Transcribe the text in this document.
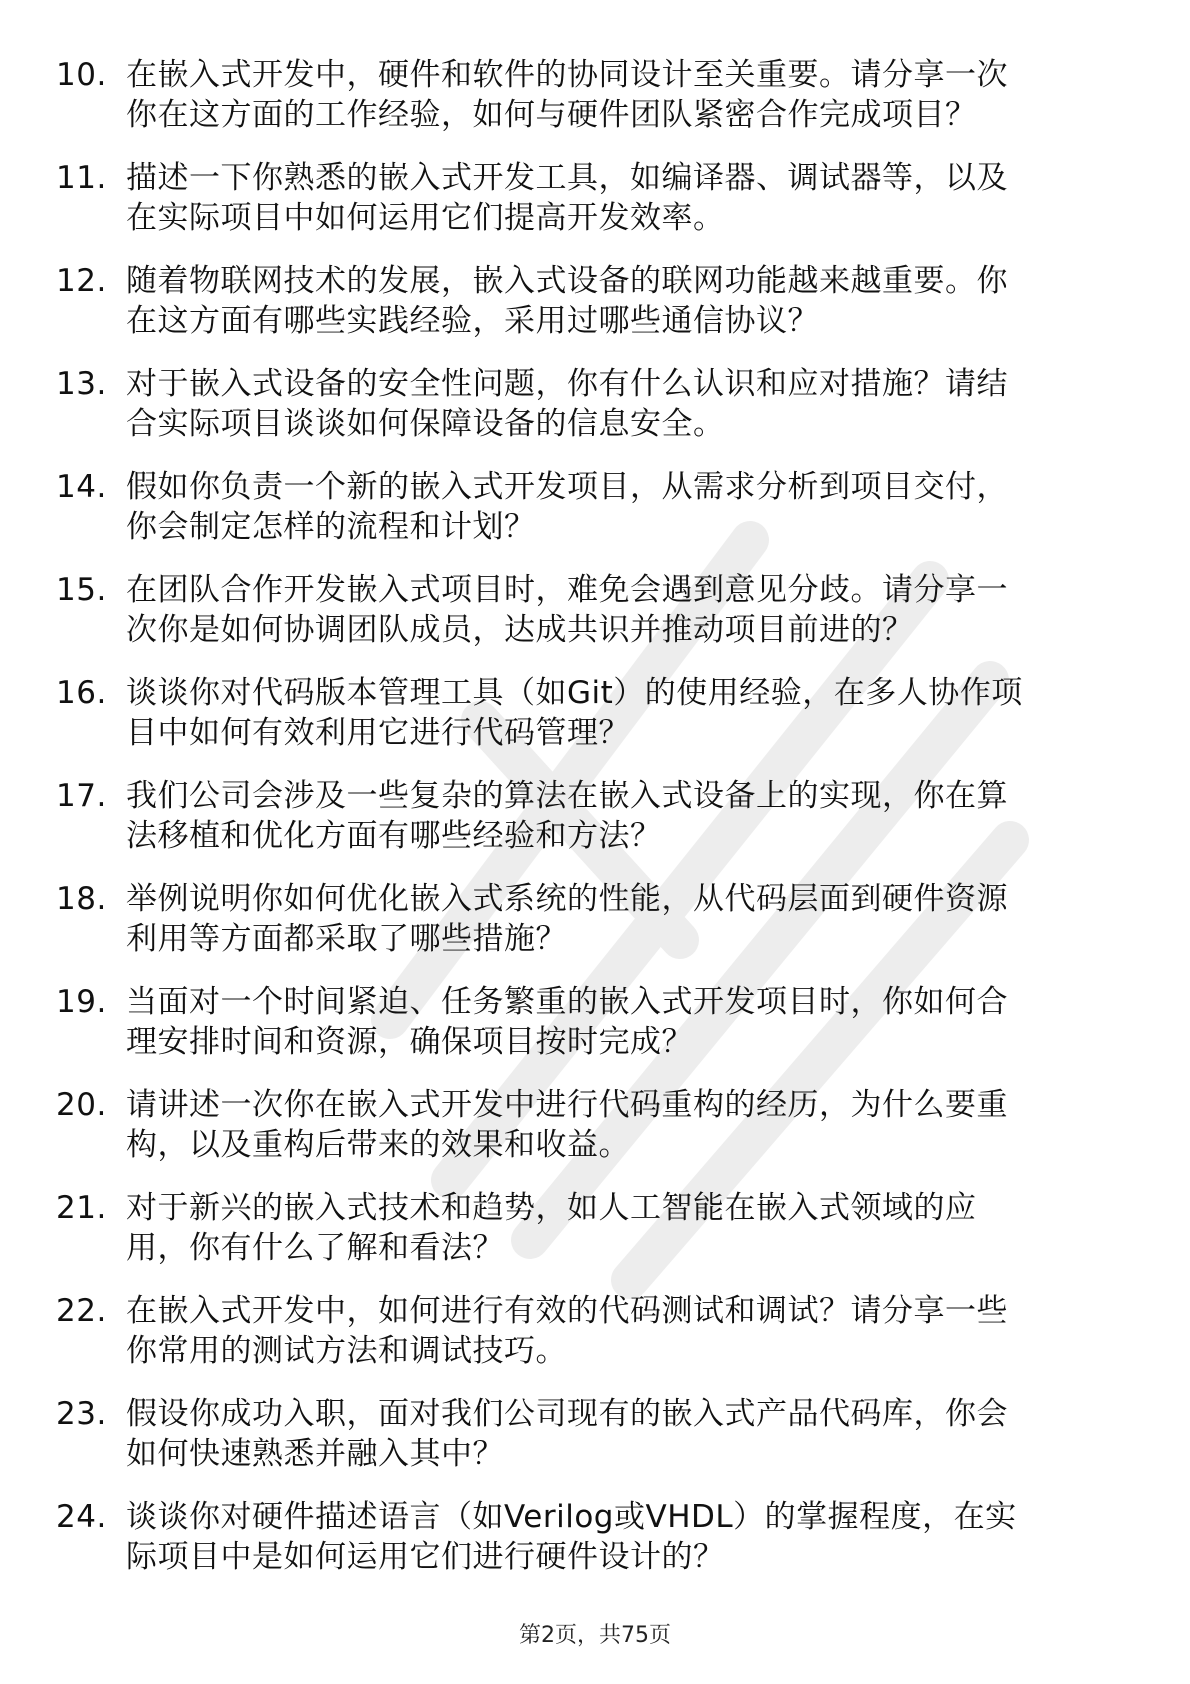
10. 在嵌入式开发中，硬件和软件的协同设计至关重要。请分享一次
你在这方面的工作经验，如何与硬件团队紧密合作完成项目？
11. 描述一下你熟悉的嵌入式开发工具，如编译器、调试器等，以及
在实际项目中如何运用它们提高开发效率。
12. 随着物联网技术的发展，嵌入式设备的联网功能越来越重要。你
在这方面有哪些实践经验，采用过哪些通信协议？
13. 对于嵌入式设备的安全性问题，你有什么认识和应对措施？请结
合实际项目谈谈如何保障设备的信息安全。
14. 假如你负责一个新的嵌入式开发项目，从需求分析到项目交付，
你会制定怎样的流程和计划？
15. 在团队合作开发嵌入式项目时，难免会遇到意见分歧。请分享一
次你是如何协调团队成员，达成共识并推动项目前进的？
16. 谈谈你对代码版本管理工具（如Git）的使用经验，在多人协作项
目中如何有效利用它进行代码管理？
17. 我们公司会涉及一些复杂的算法在嵌入式设备上的实现，你在算
法移植和优化方面有哪些经验和方法？
18. 举例说明你如何优化嵌入式系统的性能，从代码层面到硬件资源
利用等方面都采取了哪些措施？
19. 当面对一个时间紧迫、任务繁重的嵌入式开发项目时，你如何合
理安排时间和资源，确保项目按时完成？
20. 请讲述一次你在嵌入式开发中进行代码重构的经历，为什么要重
构，以及重构后带来的效果和收益。
21. 对于新兴的嵌入式技术和趋势，如人工智能在嵌入式领域的应
用，你有什么了解和看法？
22. 在嵌入式开发中，如何进行有效的代码测试和调试？请分享一些
你常用的测试方法和调试技巧。
23. 假设你成功入职，面对我们公司现有的嵌入式产品代码库，你会
如何快速熟悉并融入其中？
24. 谈谈你对硬件描述语言（如Verilog或VHDL）的掌握程度，在实
际项目中是如何运用它们进行硬件设计的？
第2页，共75页
